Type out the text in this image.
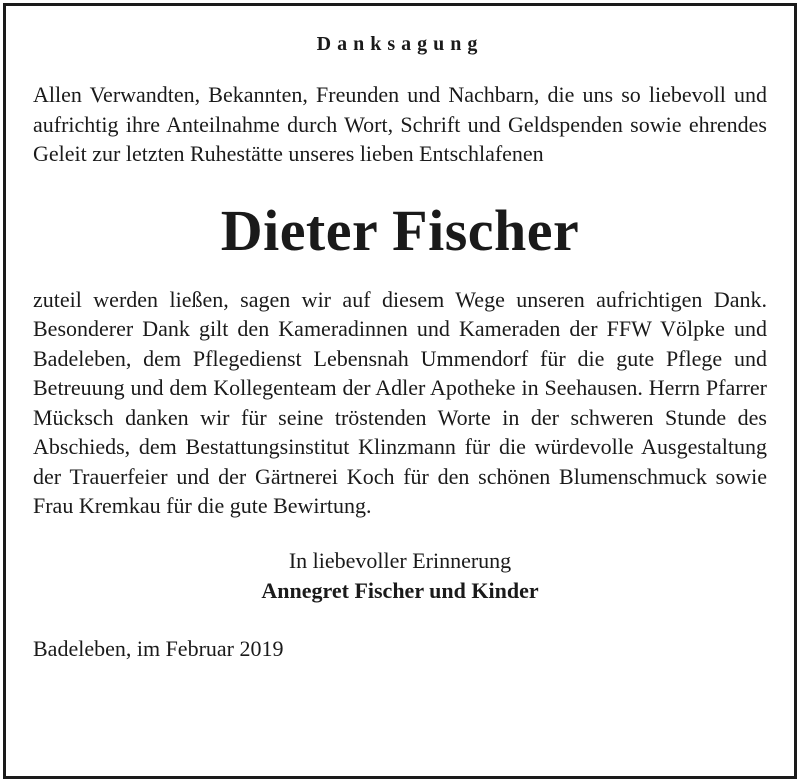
Danksagung

Allen Verwandten, Bekannten, Freunden und Nachbarn, die uns so liebevoll und aufrichtig ihre Anteilnahme durch Wort, Schrift und Geldspenden sowie ehrendes Geleit zur letzten Ruhestätte unseres lieben Entschlafenen

Dieter Fischer

zuteil werden ließen, sagen wir auf diesem Wege unseren aufrichtigen Dank. Besonderer Dank gilt den Kameradinnen und Kameraden der FFW Völpke und Badeleben, dem Pflegedienst Lebensnah Ummendorf für die gute Pflege und Betreuung und dem Kollegenteam der Adler Apotheke in Seehausen. Herrn Pfarrer Mücksch danken wir für seine tröstenden Worte in der schweren Stunde des Abschieds, dem Bestattungsinstitut Klinzmann für die würdevolle Ausgestaltung der Trauerfeier und der Gärtnerei Koch für den schönen Blumenschmuck sowie Frau Kremkau für die gute Bewirtung.

In liebevoller Erinnerung
Annegret Fischer und Kinder
Badeleben, im Februar 2019
